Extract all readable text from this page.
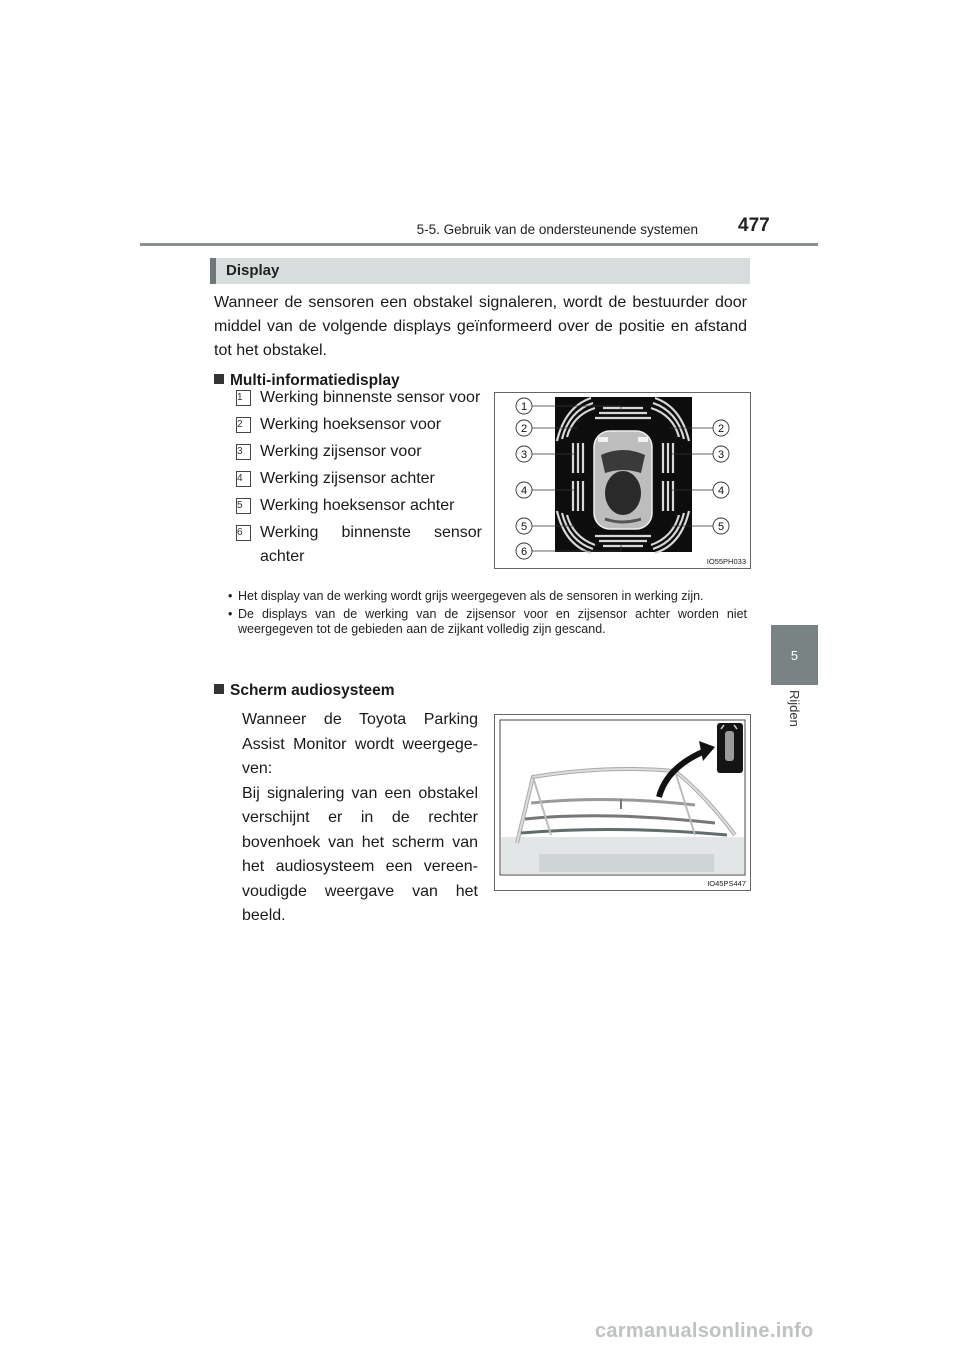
5-5. Gebruik van de ondersteunende systemen 477
5
Rijden
Display
Wanneer de sensoren een obstakel signaleren, wordt de bestuurder door middel van de volgende displays geïnformeerd over de positie en afstand tot het obstakel.
Multi-informatiedisplay
1	Werking binnenste sensor voor
2	Werking hoeksensor voor
3	Werking zijsensor voor
4	Werking zijsensor achter
5	Werking hoeksensor achter
6	Werking binnenste sensor achter
1
2
3
4
5
6
2
3
4
5
IO55PH033
• Het display van de werking wordt grijs weergegeven als de sensoren in werking zijn.
• De displays van de werking van de zijsensor voor en zijsensor achter worden niet weergegeven tot de gebieden aan de zijkant volledig zijn gescand.
Scherm audiosysteem
Wanneer de Toyota Parking Assist Monitor wordt weergege-ven:
Bij signalering van een obstakel verschijnt er in de rechter bovenhoek van het scherm van het audiosysteem een vereen-voudigde weergave van het beeld.
IO45PS447
carmanualsonline.info
